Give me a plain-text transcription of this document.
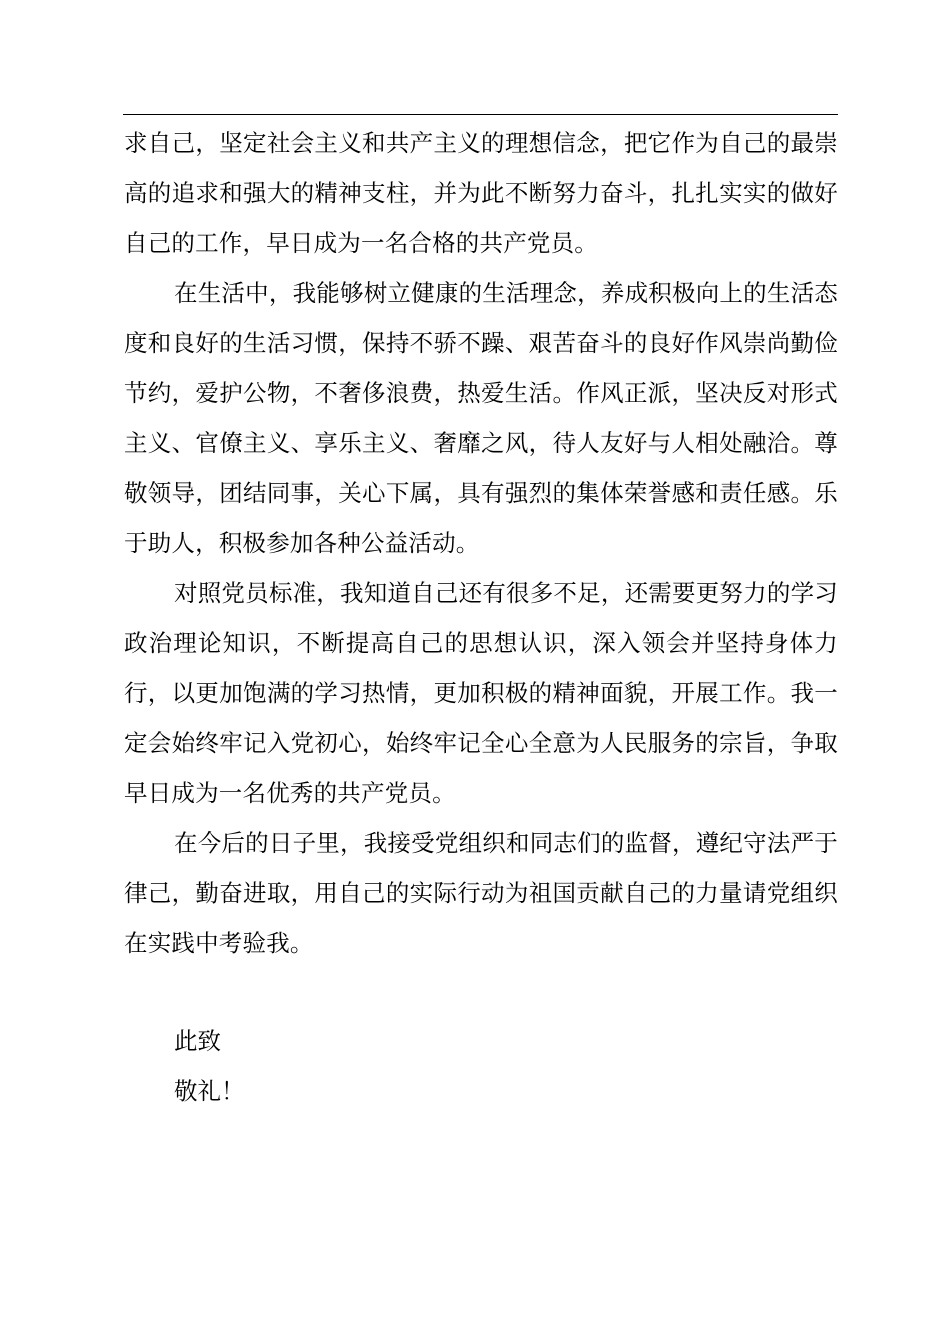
求自己，坚定社会主义和共产主义的理想信念，把它作为自己的最崇高的追求和强大的精神支柱，并为此不断努力奋斗，扎扎实实的做好自己的工作，早日成为一名合格的共产党员。

在生活中，我能够树立健康的生活理念，养成积极向上的生活态度和良好的生活习惯，保持不骄不躁、艰苦奋斗的良好作风崇尚勤俭节约，爱护公物，不奢侈浪费，热爱生活。作风正派，坚决反对形式主义、官僚主义、享乐主义、奢靡之风，待人友好与人相处融洽。尊敬领导，团结同事，关心下属，具有强烈的集体荣誉感和责任感。乐于助人，积极参加各种公益活动。

对照党员标准，我知道自己还有很多不足，还需要更努力的学习政治理论知识，不断提高自己的思想认识，深入领会并坚持身体力行，以更加饱满的学习热情，更加积极的精神面貌，开展工作。我一定会始终牢记入党初心，始终牢记全心全意为人民服务的宗旨，争取早日成为一名优秀的共产党员。

在今后的日子里，我接受党组织和同志们的监督，遵纪守法严于律己，勤奋进取，用自己的实际行动为祖国贡献自己的力量请党组织在实践中考验我。

此致

敬礼！
